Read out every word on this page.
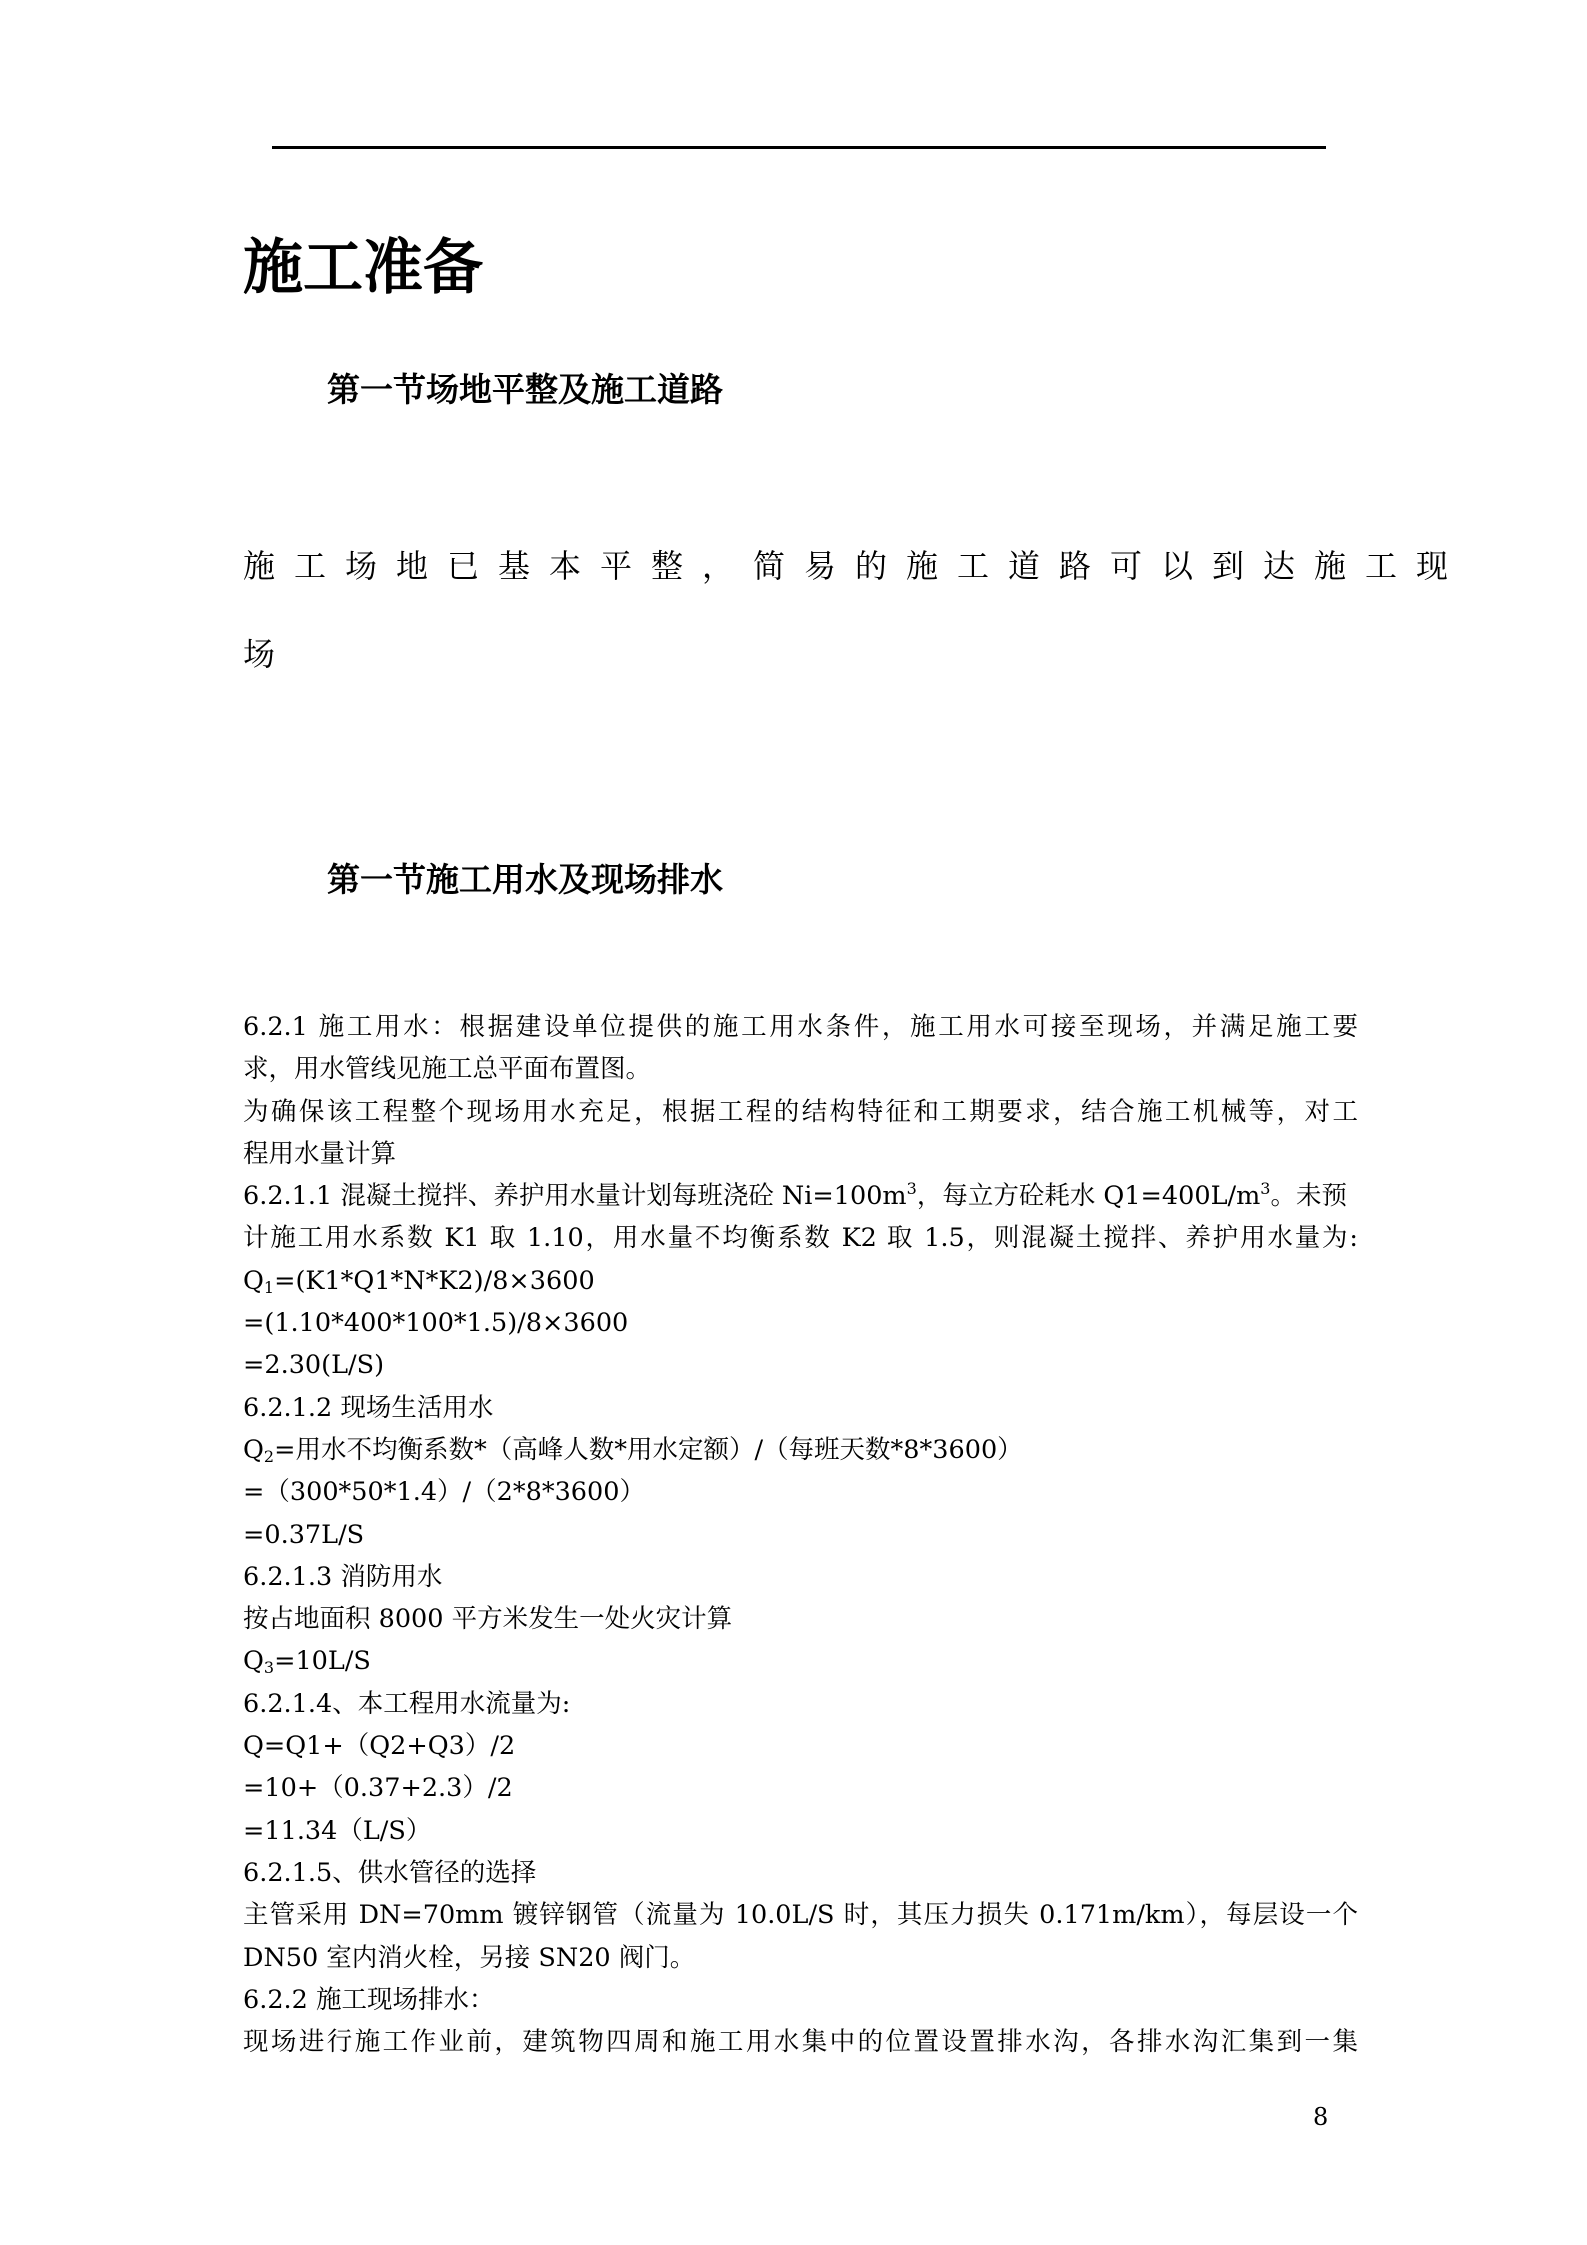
施工准备
第一节场地平整及施工道路
施工场地已基本平整，简易的施工道路可以到达施工现
场
第一节施工用水及现场排水
6.2.1 施工用水：根据建设单位提供的施工用水条件，施工用水可接至现场，并满足施工要
求，用水管线见施工总平面布置图。
为确保该工程整个现场用水充足，根据工程的结构特征和工期要求，结合施工机械等，对工
程用水量计算
6.2.1.1 混凝土搅拌、养护用水量计划每班浇砼 $Ni=100m^3$，每立方砼耗水 $Q1=400L/m^3$。未预
计施工用水系数 K1 取 1.10，用水量不均衡系数 K2 取 1.5，则混凝土搅拌、养护用水量为:
$Q_1=(K1*Q1*N*K2)/8\times 3600$
=(1.10*400*100*1.5)/8×3600
=2.30(L/S)
6.2.1.2 现场生活用水
$Q_2=$用水不均衡系数*（高峰人数*用水定额）/（每班天数*8*3600）
=（300*50*1.4）/（2*8*3600）
=0.37L/S
6.2.1.3 消防用水
按占地面积 8000 平方米发生一处火灾计算
$Q_3=10L/S$
6.2.1.4、本工程用水流量为:
Q=Q1+（Q2+Q3）/2
=10+（0.37+2.3）/2
=11.34（L/S）
6.2.1.5、供水管径的选择
主管采用 DN=70mm 镀锌钢管（流量为 10.0L/S 时，其压力损失 0.171m/km），每层设一个
DN50 室内消火栓，另接 SN20 阀门。
6.2.2 施工现场排水：
现场进行施工作业前，建筑物四周和施工用水集中的位置设置排水沟，各排水沟汇集到一集
8
